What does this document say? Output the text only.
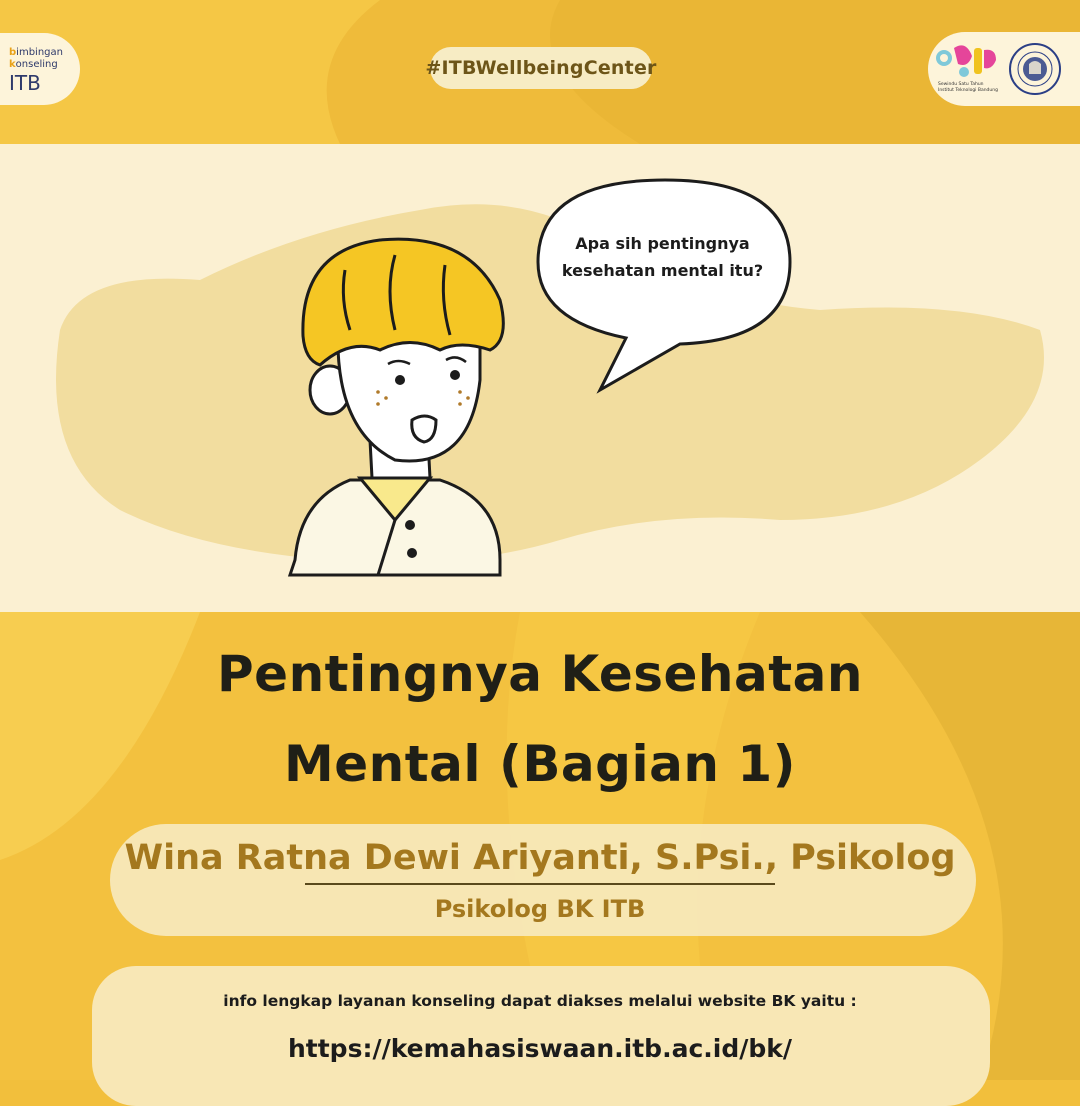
bimbingan
konseling
ITB
#ITBWellbeingCenter
Sewindu Satu Tahun
Institut Teknologi Bandung
Apa sih pentingnya kesehatan mental itu?
Pentingnya Kesehatan
Mental (Bagian 1)
Wina Ratna Dewi Ariyanti, S.Psi., Psikolog
Psikolog BK ITB
info lengkap layanan konseling dapat diakses melalui website BK yaitu :
https://kemahasiswaan.itb.ac.id/bk/
